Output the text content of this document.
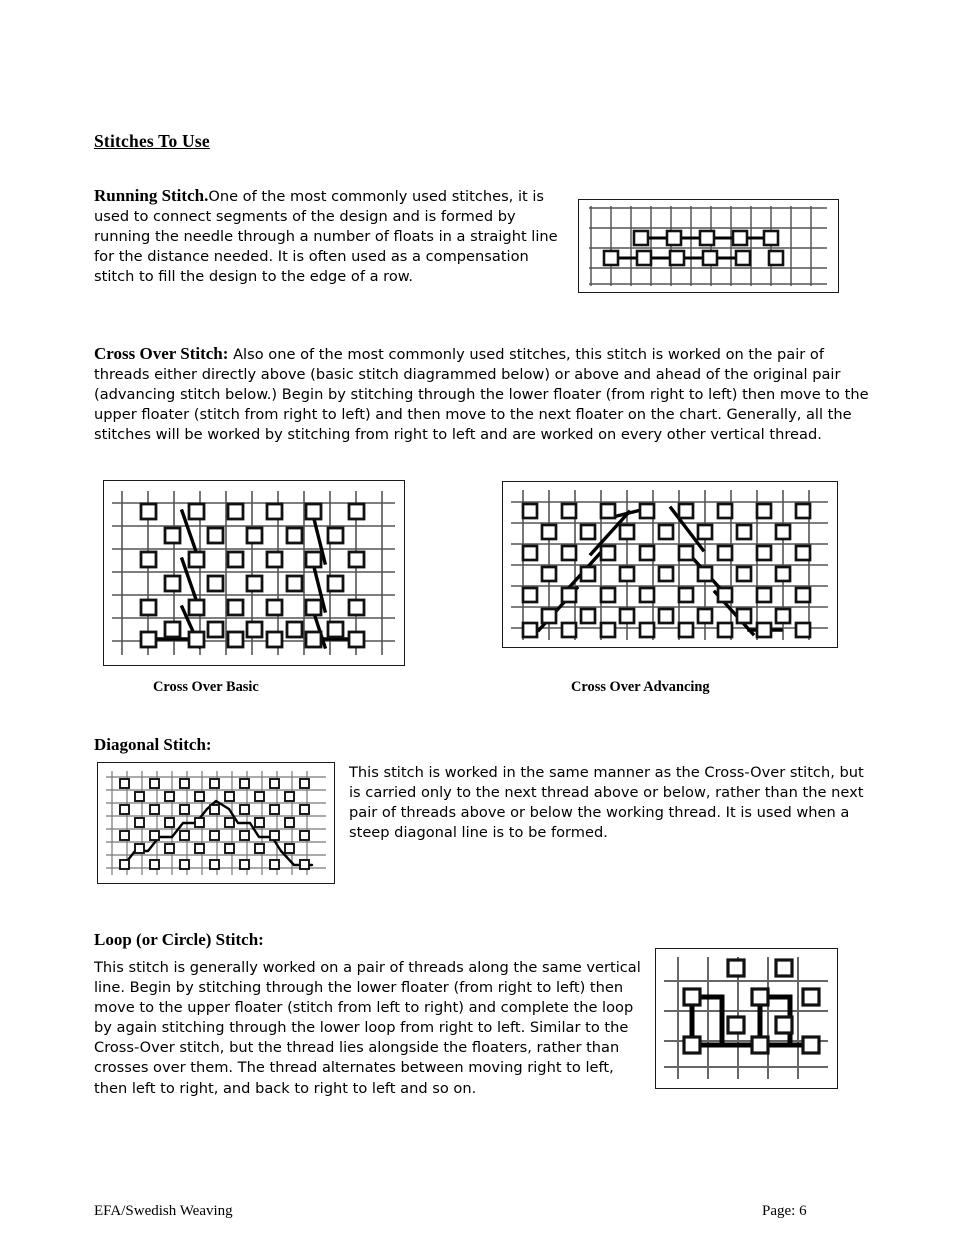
Stitches To Use
Running Stitch.One of the most commonly used stitches, it is used to connect segments of the design and is formed by running the needle through a number of floats in a straight line for the distance needed. It is often used as a compensation stitch to fill the design to the edge of a row.
Cross Over Stitch: Also one of the most commonly used stitches, this stitch is worked on the pair of threads either directly above (basic stitch diagrammed below) or above and ahead of the original pair (advancing stitch below.) Begin by stitching through the lower floater (from right to left) then move to the upper floater (stitch from right to left) and then move to the next floater on the chart. Generally, all the stitches will be worked by stitching from right to left and are worked on every other vertical thread.
Cross Over Basic	Cross Over Advancing
Diagonal Stitch:
This stitch is worked in the same manner as the Cross-Over stitch, but is carried only to the next thread above or below, rather than the next pair of threads above or below the working thread. It is used when a steep diagonal line is to be formed.
Loop (or Circle) Stitch:
This stitch is generally worked on a pair of threads along the same vertical line. Begin by stitching through the lower floater (from right to left) then move to the upper floater (stitch from left to right) and complete the loop by again stitching through the lower loop from right to left. Similar to the Cross-Over stitch, but the thread lies alongside the floaters, rather than crosses over them. The thread alternates between moving right to left, then left to right, and back to right to left and so on.
EFA/Swedish Weaving	Page: 6
